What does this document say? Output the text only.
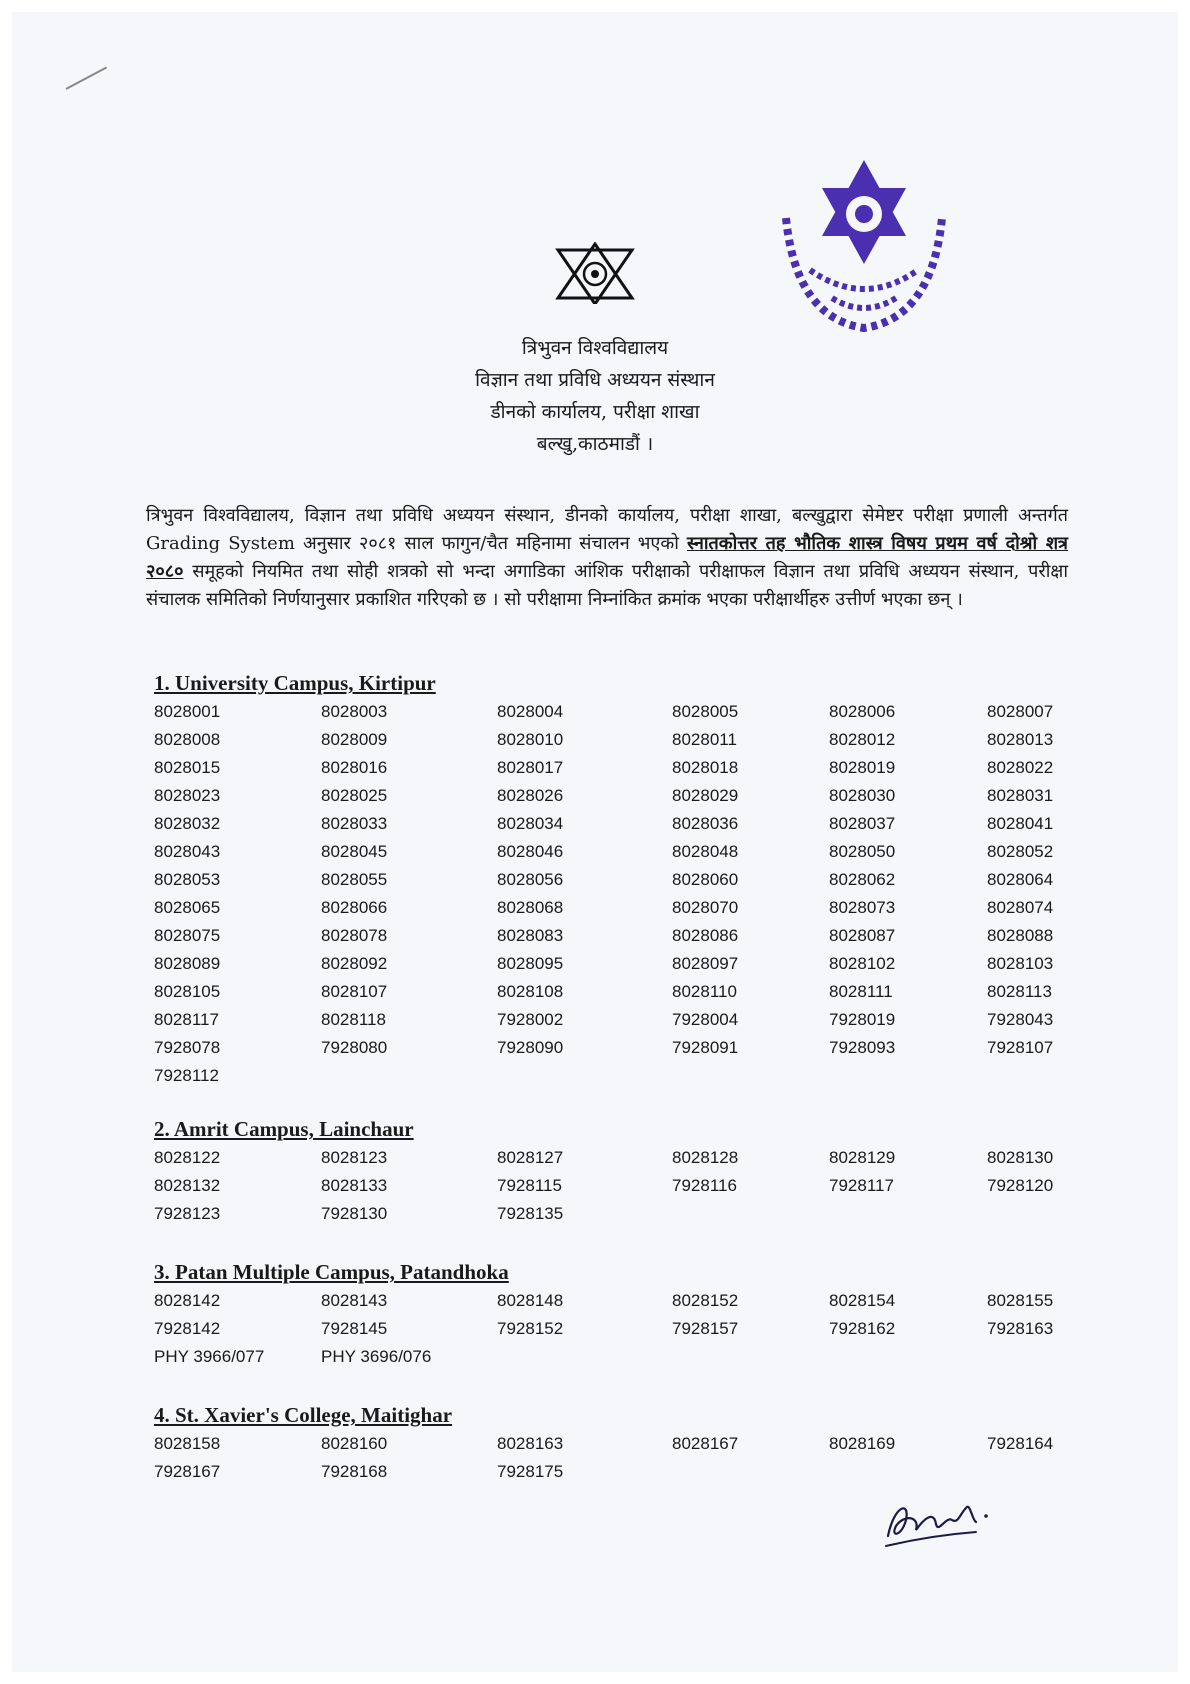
त्रिभुवन विश्वविद्यालय
विज्ञान तथा प्रविधि अध्ययन संस्थान
डीनको कार्यालय, परीक्षा शाखा
बल्खु,काठमाडौं ।
त्रिभुवन विश्वविद्यालय, विज्ञान तथा प्रविधि अध्ययन संस्थान, डीनको कार्यालय, परीक्षा शाखा, बल्खुद्वारा सेमेष्टर परीक्षा प्रणाली अन्तर्गत Grading System अनुसार २०८१ साल फागुन/चैत महिनामा संचालन भएको स्नातकोत्तर तह भौतिक शास्त्र विषय प्रथम वर्ष दोश्रो शत्र २०८० समूहको नियमित तथा सोही शत्रको सो भन्दा अगाडिका आंशिक परीक्षाको परीक्षाफल विज्ञान तथा प्रविधि अध्ययन संस्थान, परीक्षा संचालक समितिको निर्णयानुसार प्रकाशित गरिएको छ । सो परीक्षामा निम्नांकित क्रमांक भएका परीक्षार्थीहरु उत्तीर्ण भएका छन् ।
1. University Campus, Kirtipur
8028001	8028003	8028004	8028005	8028006	8028007
8028008	8028009	8028010	8028011	8028012	8028013
8028015	8028016	8028017	8028018	8028019	8028022
8028023	8028025	8028026	8028029	8028030	8028031
8028032	8028033	8028034	8028036	8028037	8028041
8028043	8028045	8028046	8028048	8028050	8028052
8028053	8028055	8028056	8028060	8028062	8028064
8028065	8028066	8028068	8028070	8028073	8028074
8028075	8028078	8028083	8028086	8028087	8028088
8028089	8028092	8028095	8028097	8028102	8028103
8028105	8028107	8028108	8028110	8028111	8028113
8028117	8028118	7928002	7928004	7928019	7928043
7928078	7928080	7928090	7928091	7928093	7928107
7928112
2. Amrit Campus, Lainchaur
8028122	8028123	8028127	8028128	8028129	8028130
8028132	8028133	7928115	7928116	7928117	7928120
7928123	7928130	7928135
3. Patan Multiple Campus, Patandhoka
8028142	8028143	8028148	8028152	8028154	8028155
7928142	7928145	7928152	7928157	7928162	7928163
PHY 3966/077	PHY 3696/076
4. St. Xavier's College, Maitighar
8028158	8028160	8028163	8028167	8028169	7928164
7928167	7928168	7928175
